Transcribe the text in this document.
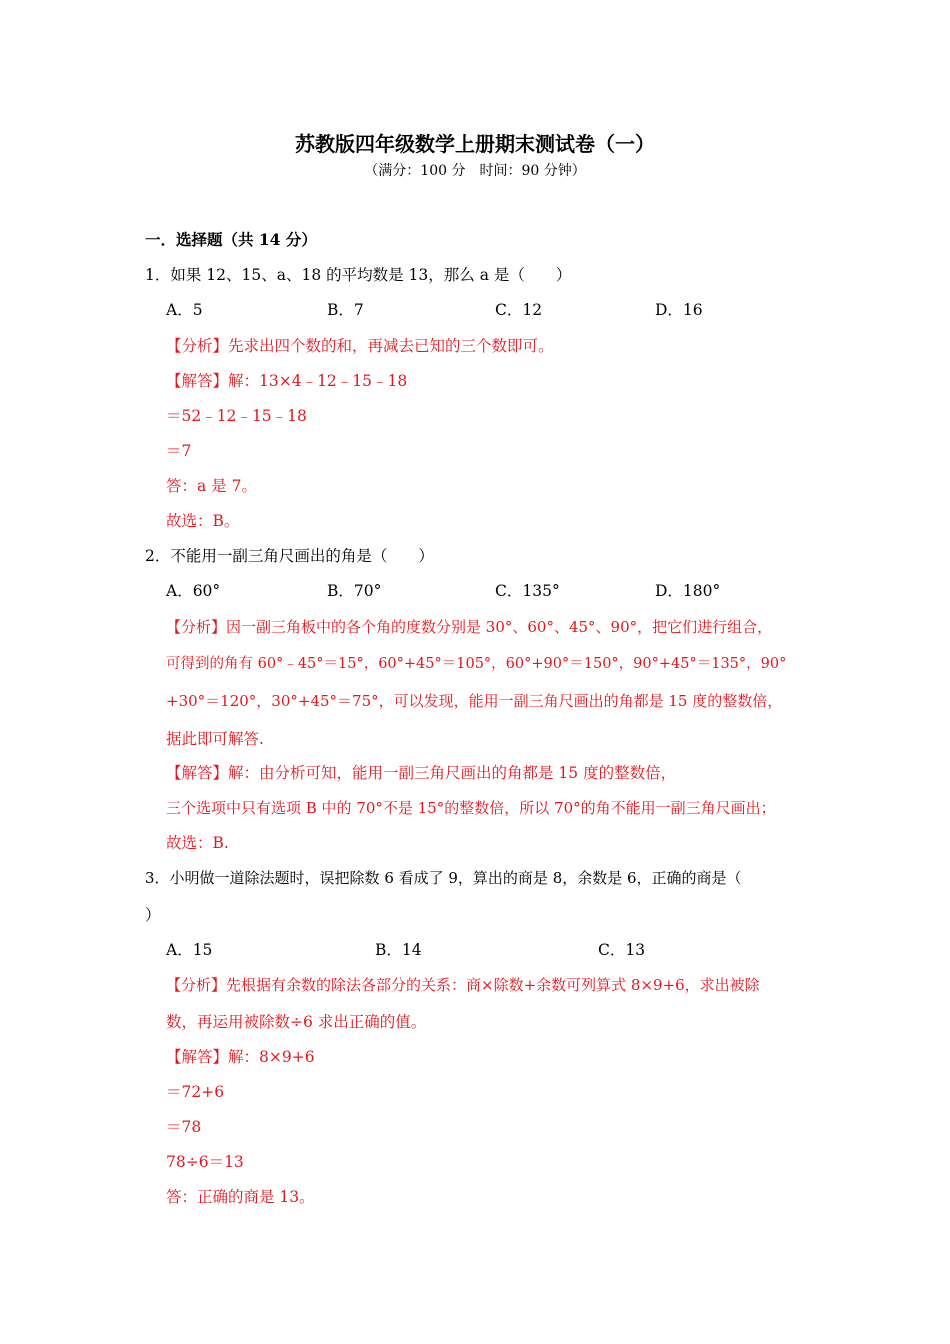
苏教版四年级数学上册期末测试卷（一）
（满分：100 分　时间：90 分钟）
一．选择题（共 14 分）
1．如果 12、15、a、18 的平均数是 13，那么 a 是（　　）
A．5	B．7	C．12	D．16
【分析】先求出四个数的和，再减去已知的三个数即可。
【解答】解：13×4﹣12﹣15﹣18
＝52﹣12﹣15﹣18
＝7
答：a 是 7。
故选：B。
2．不能用一副三角尺画出的角是（　　）
A．60°	B．70°	C．135°	D．180°
【分析】因一副三角板中的各个角的度数分别是 30°、60°、45°、90°，把它们进行组合，
可得到的角有 60°﹣45°＝15°，60°+45°＝105°，60°+90°＝150°，90°+45°＝135°，90°
+30°＝120°，30°+45°＝75°，可以发现，能用一副三角尺画出的角都是 15 度的整数倍，
据此即可解答.
【解答】解：由分析可知，能用一副三角尺画出的角都是 15 度的整数倍，
三个选项中只有选项 B 中的 70°不是 15°的整数倍，所以 70°的角不能用一副三角尺画出；
故选：B.
3．小明做一道除法题时，误把除数 6 看成了 9，算出的商是 8，余数是 6，正确的商是（
）
A．15	B．14	C．13
【分析】先根据有余数的除法各部分的关系：商×除数+余数可列算式 8×9+6，求出被除
数，再运用被除数÷6 求出正确的值。
【解答】解：8×9+6
＝72+6
＝78
78÷6＝13
答：正确的商是 13。
